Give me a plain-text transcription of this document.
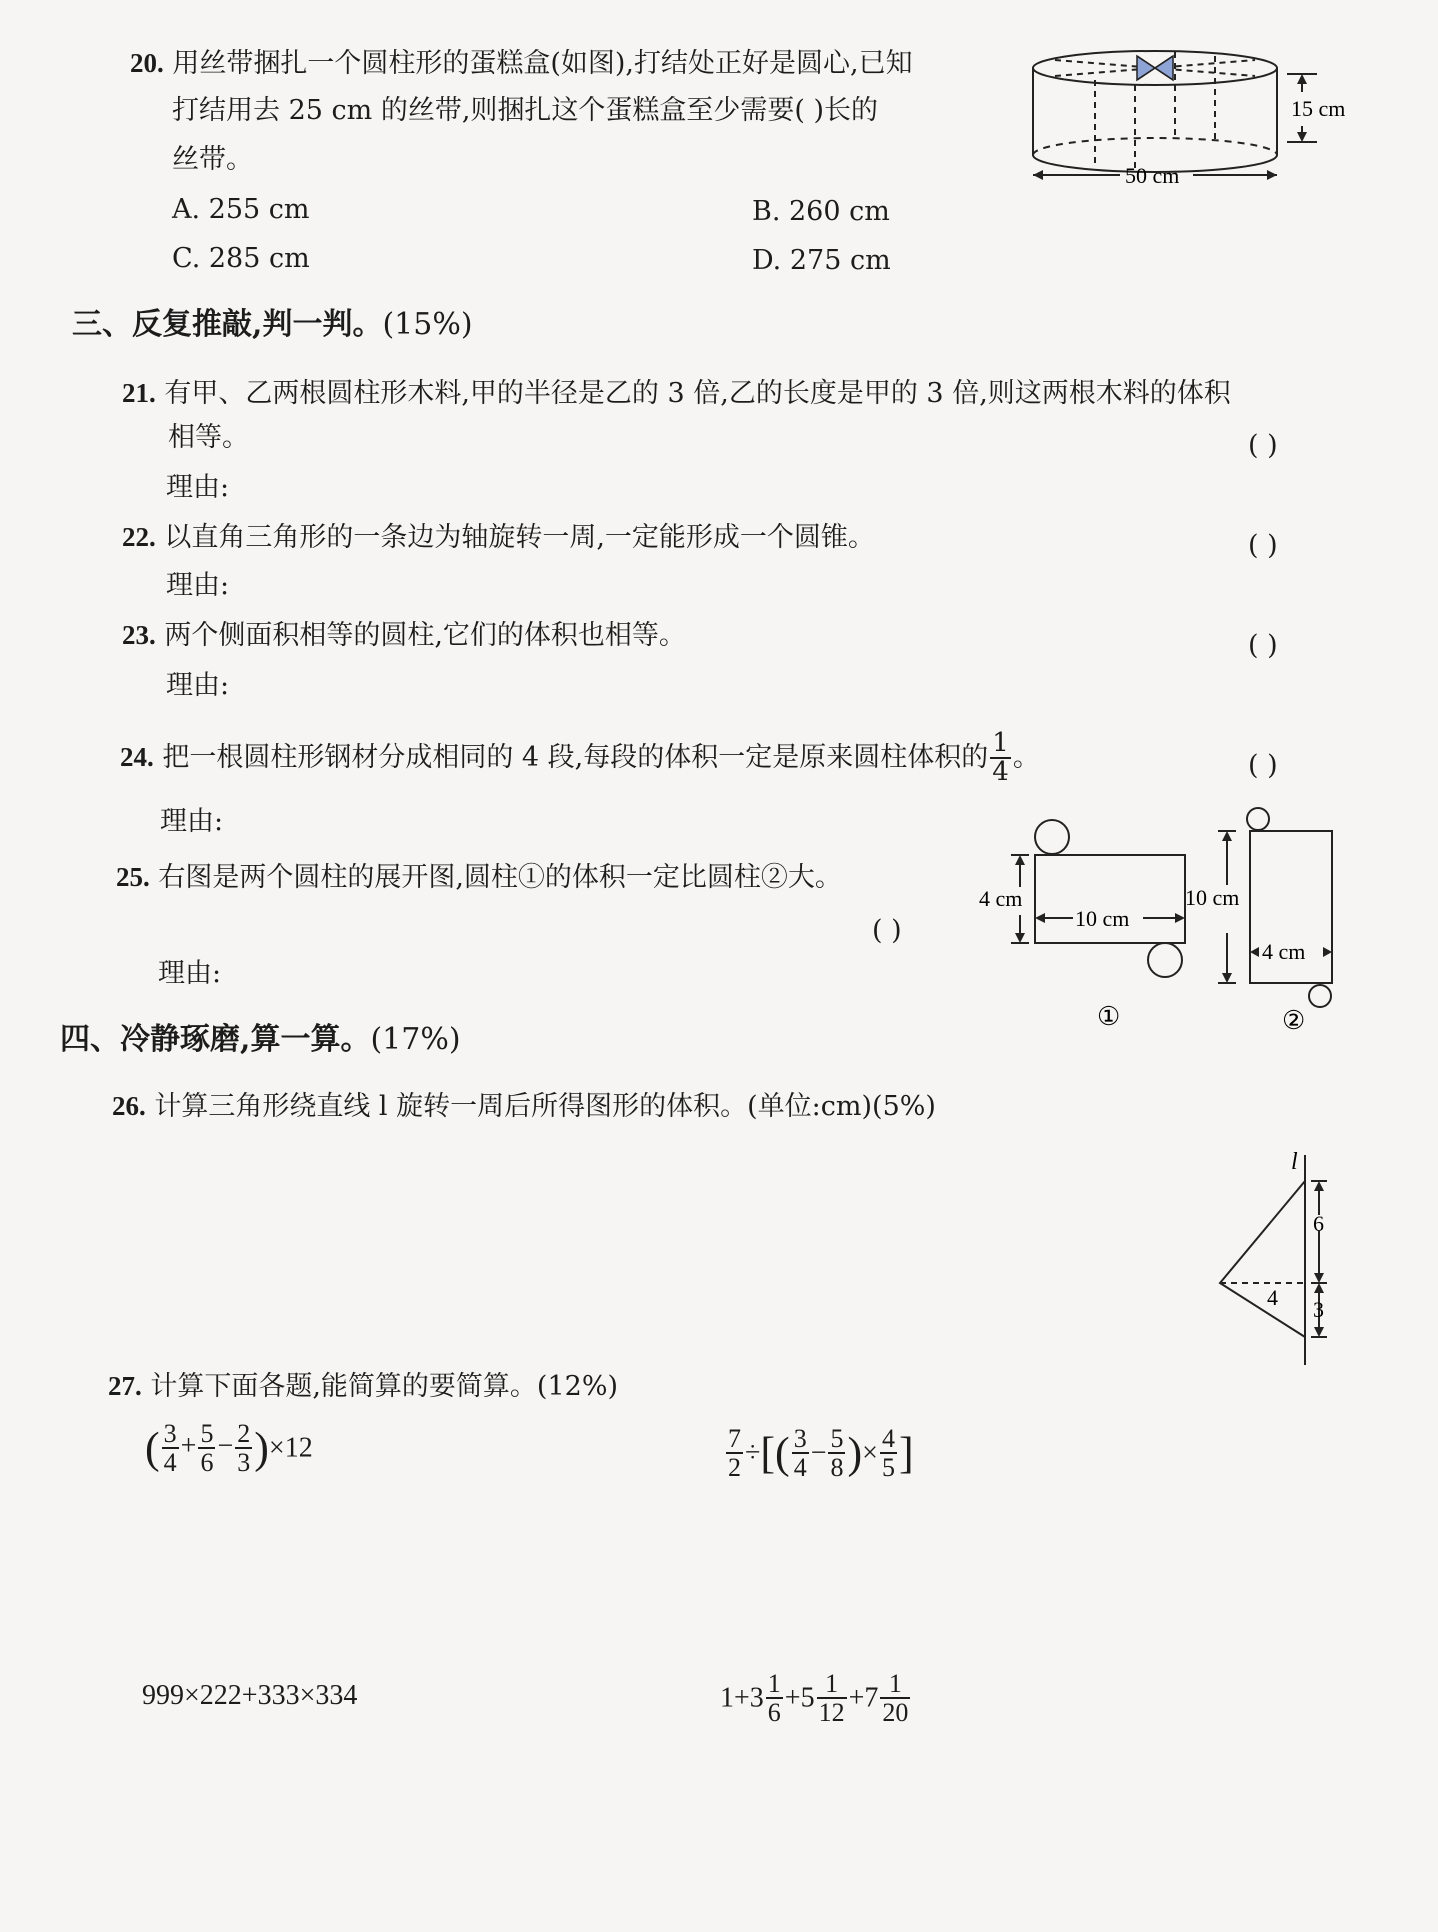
20. 用丝带捆扎一个圆柱形的蛋糕盒(如图),打结处正好是圆心,已知
打结用去 25 cm 的丝带,则捆扎这个蛋糕盒至少需要( )长的
丝带。
A. 255 cm	B. 260 cm
C. 285 cm	D. 275 cm
15 cm
50 cm
三、反复推敲,判一判。(15%)
21. 有甲、乙两根圆柱形木料,甲的半径是乙的 3 倍,乙的长度是甲的 3 倍,则这两根木料的体积
相等。	( )
理由:
22. 以直角三角形的一条边为轴旋转一周,一定能形成一个圆锥。	( )
理由:
23. 两个侧面积相等的圆柱,它们的体积也相等。	( )
理由:
24. 把一根圆柱形钢材分成相同的 4 段,每段的体积一定是原来圆柱体积的 $\frac{1}{4}$ 。	( )
理由:
25. 右图是两个圆柱的展开图,圆柱①的体积一定比圆柱②大。
( )
理由:
4 cm
10 cm
10 cm
4 cm
①	②
四、冷静琢磨,算一算。(17%)
26. 计算三角形绕直线 l 旋转一周后所得图形的体积。(单位:cm)(5%)
l
6
3
4
27. 计算下面各题,能简算的要简算。(12%)
( $\frac{3}{4} + \frac{5}{6} - \frac{2}{3} )\times 12$	$\frac{7}{2}$ ÷[( $\frac{3}{4} - \frac{5}{8}$ )× $\frac{4}{5}$ ]
999×222+333×334	$1+3 \frac{1}{6} +5 \frac{1}{12} +7 \frac{1}{20}$
